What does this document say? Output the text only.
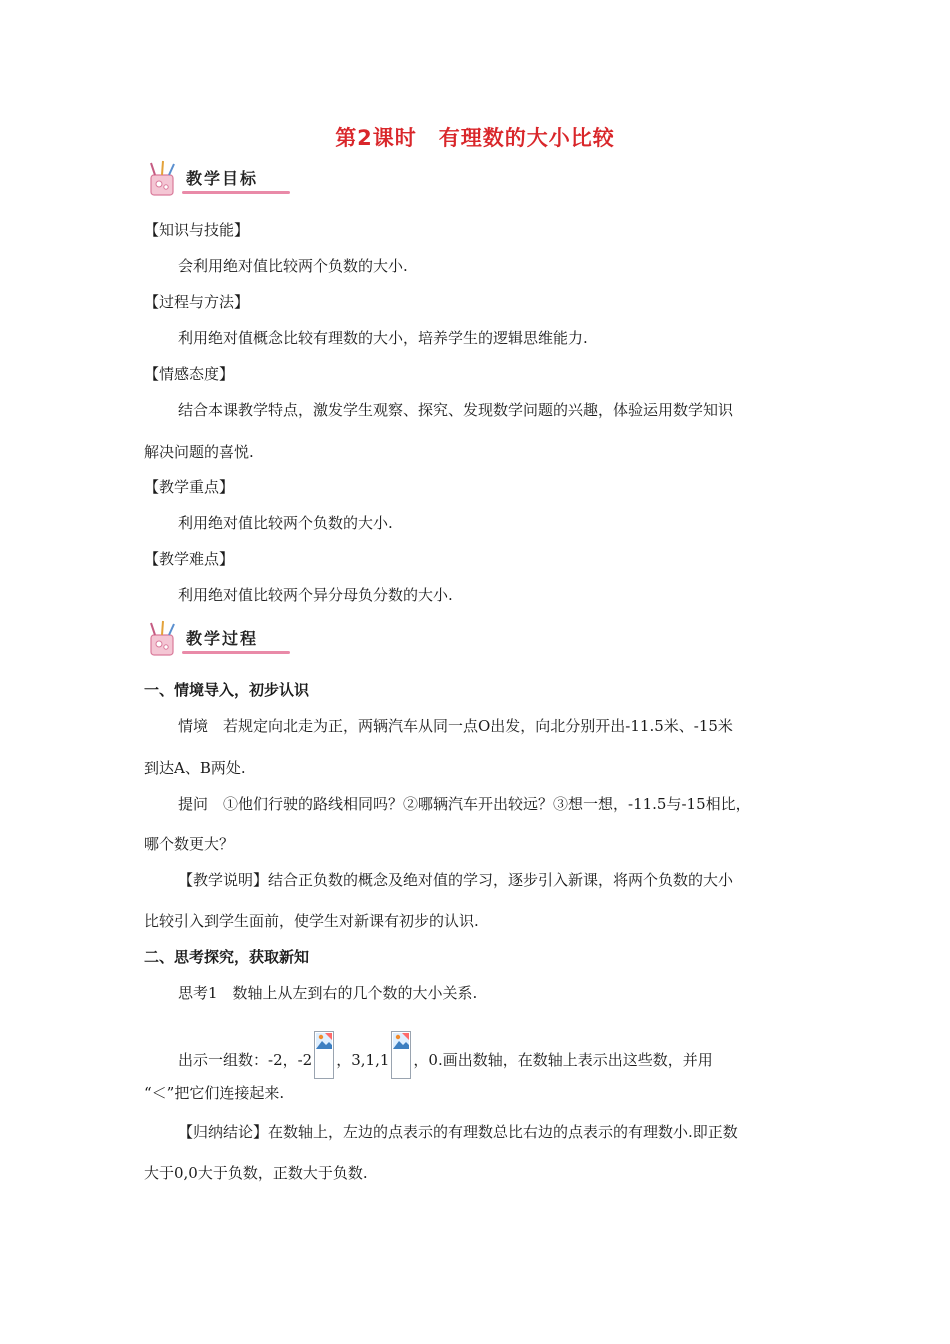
第2课时　有理数的大小比较
教学目标
【知识与技能】
会利用绝对值比较两个负数的大小.
【过程与方法】
利用绝对值概念比较有理数的大小，培养学生的逻辑思维能力.
【情感态度】
结合本课教学特点，激发学生观察、探究、发现数学问题的兴趣，体验运用数学知识
解决问题的喜悦.
【教学重点】
利用绝对值比较两个负数的大小.
【教学难点】
利用绝对值比较两个异分母负分数的大小.
教学过程
一、情境导入，初步认识
情境　若规定向北走为正，两辆汽车从同一点O出发，向北分别开出-11.5米、-15米
到达A、B两处.
提问　①他们行驶的路线相同吗？②哪辆汽车开出较远？③想一想，-11.5与-15相比，
哪个数更大？
【教学说明】结合正负数的概念及绝对值的学习，逐步引入新课，将两个负数的大小
比较引入到学生面前，使学生对新课有初步的认识.
二、思考探究，获取新知
思考1　数轴上从左到右的几个数的大小关系.
出示一组数：-2，-2 ，3,1,1 ，0.画出数轴，在数轴上表示出这些数，并用
“＜”把它们连接起来.
【归纳结论】在数轴上，左边的点表示的有理数总比右边的点表示的有理数小.即正数
大于0,0大于负数，正数大于负数.
